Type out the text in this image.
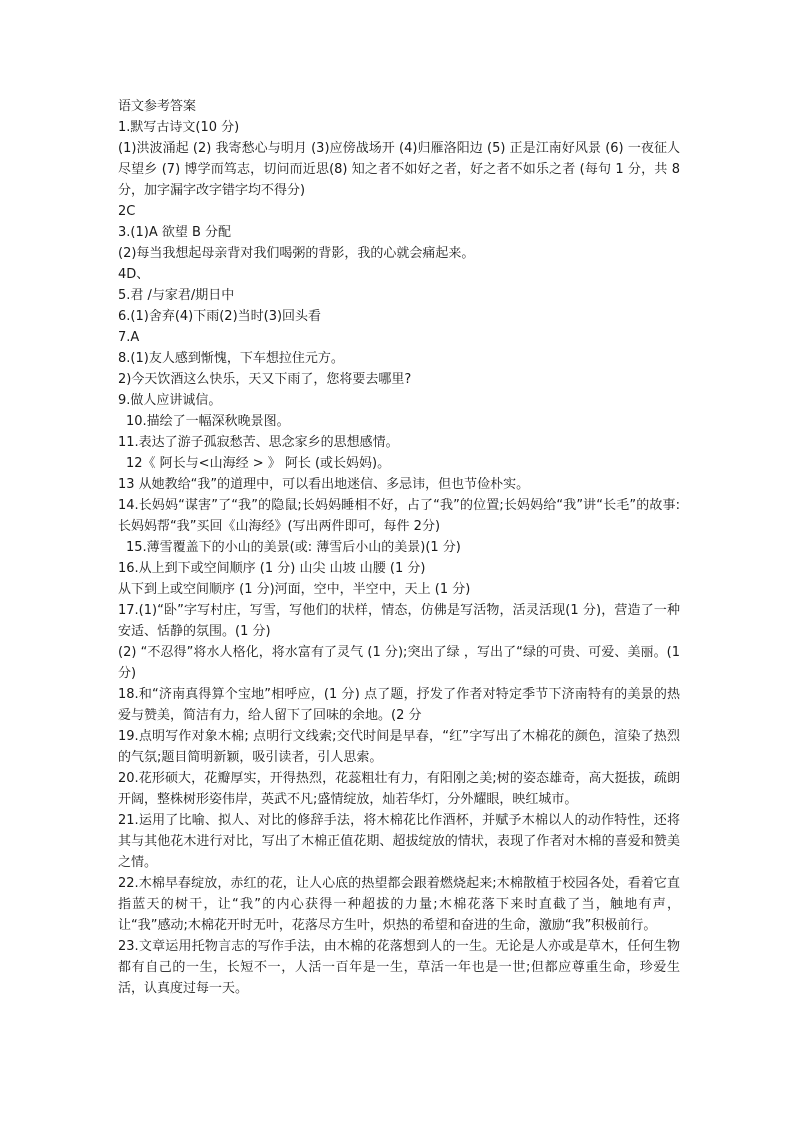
语文参考答案
1.默写古诗文(10 分)
(1)洪波涌起 (2) 我寄愁心与明月 (3)应傍战场开 (4)归雁洛阳边 (5) 正是江南好风景 (6) 一夜征人尽望乡 (7) 博学而笃志，切问而近思(8) 知之者不如好之者，好之者不如乐之者 (每句 1 分，共 8 分，加字漏字改字错字均不得分)
2C
3.(1)A 欲望 B 分配
(2)每当我想起母亲背对我们喝粥的背影，我的心就会痛起来。
4D、
5.君 /与家君/期日中
6.(1)舍弃(4)下雨(2)当时(3)回头看
7.A
8.(1)友人感到惭愧，下车想拉住元方。
2)今天饮酒这么快乐，天又下雨了，您将要去哪里?
9.做人应讲诚信。
10.描绘了一幅深秋晚景图。
11.表达了游子孤寂愁苦、思念家乡的思想感情。
12《 阿长与<山海经 > 》 阿长 (或长妈妈)。
13 从她教给“我”的道理中，可以看出地迷信、多忌讳，但也节俭朴实。
14.长妈妈“谋害”了“我”的隐鼠;长妈妈睡相不好，占了“我”的位置;长妈妈给“我”讲“长毛”的故事:长妈妈帮“我”买回《山海经》(写出两件即可，每件 2分)
15.薄雪覆盖下的小山的美景(或: 薄雪后小山的美景)(1 分)
16.从上到下或空间顺序 (1 分) 山尖 山坡 山腰 (1 分)
从下到上或空间顺序 (1 分)河面，空中，半空中，天上 (1 分)
17.(1)“卧”字写村庄，写雪，写他们的状样，情态，仿佛是写活物，活灵活现(1 分)，营造了一种安适、恬静的氛围。(1 分)
(2) “不忍得”将水人格化，将水富有了灵气 (1 分);突出了绿 ，写出了“绿的可贵、可爱、美丽。(1 分)
18.和“济南真得算个宝地”相呼应，(1 分) 点了题，抒发了作者对特定季节下济南特有的美景的热爱与赞美，简洁有力，给人留下了回味的余地。(2 分
19.点明写作对象木棉; 点明行文线索;交代时间是早春，“红”字写出了木棉花的颜色，渲染了热烈的气氛;题目简明新颖，吸引读者，引人思索。
20.花形硕大，花瓣厚实，开得热烈，花蕊粗壮有力，有阳刚之美;树的姿态雄奇，高大挺拔，疏朗开阔，整株树形姿伟岸，英武不凡;盛情绽放，灿若华灯，分外耀眼，映红城市。
21.运用了比喻、拟人、对比的修辞手法，将木棉花比作酒杯，并赋予木棉以人的动作特性，还将其与其他花木进行对比，写出了木棉正值花期、超拔绽放的情状，表现了作者对木棉的喜爱和赞美之情。
22.木棉早春绽放，赤红的花，让人心底的热望都会跟着燃烧起来;木棉散植于校园各处，看着它直指蓝天的树干，让“我”的内心获得一种超拔的力量;木棉花落下来时直截了当，触地有声，让“我”感动;木棉花开时无叶，花落尽方生叶，炽热的希望和奋进的生命，激励“我”积极前行。
23.文章运用托物言志的写作手法，由木棉的花落想到人的一生。无论是人亦或是草木，任何生物都有自己的一生，长短不一，人活一百年是一生，草活一年也是一世;但都应尊重生命，珍爱生活，认真度过每一天。
